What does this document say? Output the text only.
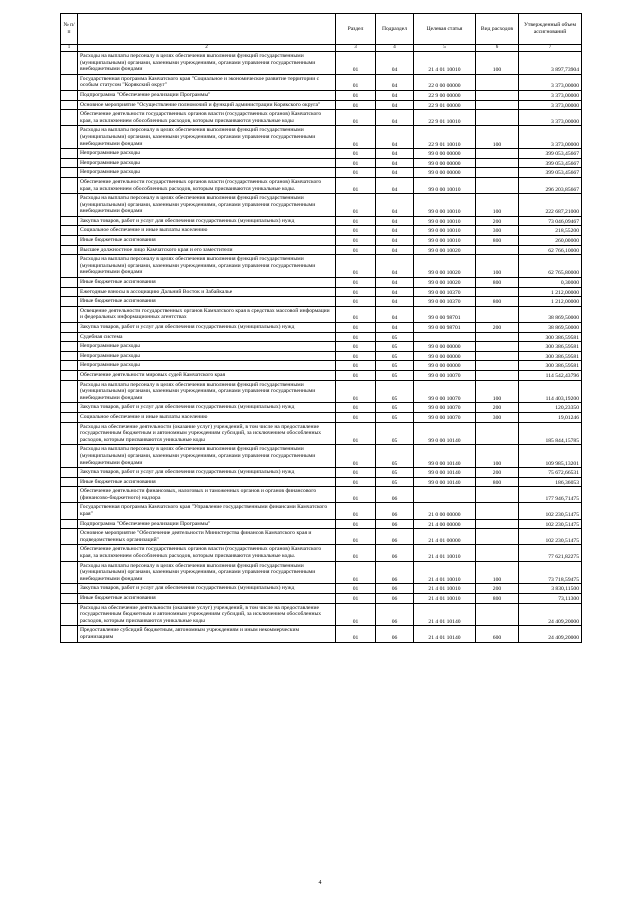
№ п/п		Раздел	Подраздел	Целевая статья	Вид расходов	Утвержденный объем ассигнований
1	2	3	4	5	6	7
	Расходы на выплаты персоналу в целях обеспечения выполнения функций государственными (муниципальными) органами, казенными учреждениями, органами управления государственными внебюджетными фондами	01	04	21 4 01 10010	100	3 897,73904
	Государственная программа Камчатского края "Социальное и экономическое развитие территории с особым статусом "Корякский округ"	01	04	22 0 00 00000		3 373,00000
	Подпрограмма "Обеспечение реализации Программы"	01	04	22 9 00 00000		3 373,00000
	Основное мероприятие "Осуществление полномочий и функций администрации Корякского округа"	01	04	22 9 01 00000		3 373,00000
	Обеспечение деятельности государственных органов власти (государственных органов) Камчатского края, за исключением обособленных расходов, которым присваиваются уникальные коды	01	04	22 9 01 10010		3 373,00000
	Расходы на выплаты персоналу в целях обеспечения выполнения функций государственными (муниципальными) органами, казенными учреждениями, органами управления государственными внебюджетными фондами	01	04	22 9 01 10010	100	3 373,00000
	Непрограммные расходы	01	04	99 0 00 00000		399 053,45667
	Непрограммные расходы	01	04	99 0 00 00000		399 053,45667
	Непрограммные расходы	01	04	99 0 00 00000		399 053,45667
	Обеспечение деятельности государственных органов власти (государственных органов) Камчатского края, за исключением обособленных расходов, которым присваиваются уникальные коды.	01	04	99 0 00 10010		296 203,85667
	Расходы на выплаты персоналу в целях обеспечения выполнения функций государственными (муниципальными) органами, казенными учреждениями, органами управления государственными внебюджетными фондами	01	04	99 0 00 10010	100	222 687,21000
	Закупка товаров, работ и услуг для обеспечения государственных (муниципальных) нужд	01	04	99 0 00 10010	200	73 046,09467
	Социальное обеспечение и иные выплаты населению	01	04	99 0 00 10010	300	218,55200
	Иные бюджетные ассигнования	01	04	99 0 00 10010	800	260,00000
	Высшее должностное лицо Камчатского края и его заместители	01	04	99 0 00 10020		62 766,10000
	Расходы на выплаты персоналу в целях обеспечения выполнения функций государственными (муниципальными) органами, казенными учреждениями, органами управления государственными внебюджетными фондами	01	04	99 0 00 10020	100	62 765,80000
	Иные бюджетные ассигнования	01	04	99 0 00 10020	800	0,30000
	Ежегодные взносы в ассоциацию Дальний Восток и Забайкалье	01	04	99 0 00 10370		1 212,00000
	Иные бюджетные ассигнования	01	04	99 0 00 10370	800	1 212,00000
	Освещение деятельности государственных органов Камчатского края в средствах массовой информации и федеральных информационных агентствах	01	04	99 0 00 98701		38 869,50000
	Закупка товаров, работ и услуг для обеспечения государственных (муниципальных) нужд	01	04	99 0 00 98701	200	38 869,50000
	Судебная система	01	05			300 386,59581
	Непрограммные расходы	01	05	99 0 00 00000		300 386,59581
	Непрограммные расходы	01	05	99 0 00 00000		300 386,59581
	Непрограммные расходы	01	05	99 0 00 00000		300 386,59581
	Обеспечение деятельности мировых судей Камчатского края	01	05	99 0 00 10070		114 542,43796
	Расходы на выплаты персоналу в целях обеспечения выполнения функций государственными (муниципальными) органами, казенными учреждениями, органами управления государственными внебюджетными фондами	01	05	99 0 00 10070	100	114 403,19200
	Закупка товаров, работ и услуг для обеспечения государственных (муниципальных) нужд	01	05	99 0 00 10070	200	120,23350
	Социальное обеспечение и иные выплаты населению	01	05	99 0 00 10070	300	19,01246
	Расходы на обеспечение деятельности (оказание услуг) учреждений, в том числе на предоставление государственным бюджетным и автономным учреждениям субсидий, за исключением обособленных расходов, которым присваиваются уникальные коды	01	05	99 0 00 10140		185 844,15785
	Расходы на выплаты персоналу в целях обеспечения выполнения функций государственными (муниципальными) органами, казенными учреждениями, органами управления государственными внебюджетными фондами	01	05	99 0 00 10140	100	109 985,13201
	Закупка товаров, работ и услуг для обеспечения государственных (муниципальных) нужд	01	05	99 0 00 10140	200	75 672,66531
	Иные бюджетные ассигнования	01	05	99 0 00 10140	800	186,36053
	Обеспечение деятельности финансовых, налоговых и таможенных органов и органов финансового (финансово-бюджетного) надзора	01	06			177 946,71475
	Государственная программа Камчатского края "Управление государственными финансами Камчатского края"	01	06	21 0 00 00000		102 230,51475
	Подпрограмма "Обеспечение реализации Программы"	01	06	21 4 00 00000		102 230,51475
	Основное мероприятие "Обеспечение деятельности Министерства финансов Камчатского края и подведомственных организаций"	01	06	21 4 01 00000		102 230,51475
	Обеспечение деятельности государственных органов власти (государственных органов) Камчатского края, за исключением обособленных расходов, которым присваиваются уникальные коды.	01	06	21 4 01 10010		77 621,82275
	Расходы на выплаты персоналу в целях обеспечения выполнения функций государственными (муниципальными) органами, казенными учреждениями, органами управления государственными внебюджетными фондами	01	06	21 4 01 10010	100	73 718,59475
	Закупка товаров, работ и услуг для обеспечения государственных (муниципальных) нужд	01	06	21 4 01 10010	200	3 830,11500
	Иные бюджетные ассигнования	01	06	21 4 01 10010	800	73,11300
	Расходы на обеспечение деятельности (оказание услуг) учреждений, в том числе на предоставление государственным бюджетным и автономным учреждениям субсидий, за исключением обособленных расходов, которым присваиваются уникальные коды	01	06	21 4 01 10140		24 409,20000
	Предоставление субсидий бюджетным, автономным учреждениям и иным некоммерческим организациям	01	06	21 4 01 10140	600	24 409,20000
4
